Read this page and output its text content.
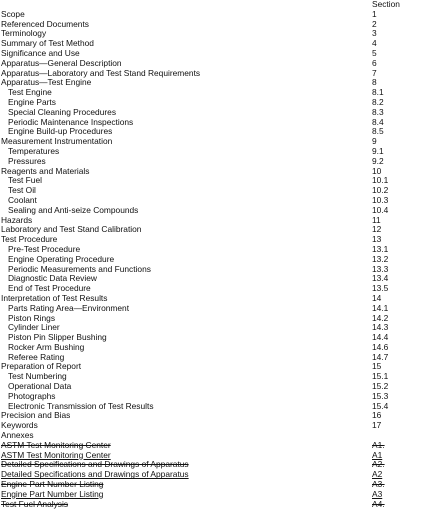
Section
Scope	1
Referenced Documents	2
Terminology	3
Summary of Test Method	4
Significance and Use	5
Apparatus—General Description	6
Apparatus—Laboratory and Test Stand Requirements	7
Apparatus—Test Engine	8
Test Engine	8.1
Engine Parts	8.2
Special Cleaning Procedures	8.3
Periodic Maintenance Inspections	8.4
Engine Build-up Procedures	8.5
Measurement Instrumentation	9
Temperatures	9.1
Pressures	9.2
Reagents and Materials	10
Test Fuel	10.1
Test Oil	10.2
Coolant	10.3
Sealing and Anti-seize Compounds	10.4
Hazards	11
Laboratory and Test Stand Calibration	12
Test Procedure	13
Pre-Test Procedure	13.1
Engine Operating Procedure	13.2
Periodic Measurements and Functions	13.3
Diagnostic Data Review	13.4
End of Test Procedure	13.5
Interpretation of Test Results	14
Parts Rating Area—Environment	14.1
Piston Rings	14.2
Cylinder Liner	14.3
Piston Pin Slipper Bushing	14.4
Rocker Arm Bushing	14.6
Referee Rating	14.7
Preparation of Report	15
Test Numbering	15.1
Operational Data	15.2
Photographs	15.3
Electronic Transmission of Test Results	15.4
Precision and Bias	16
Keywords	17
Annexes
ASTM Test Monitoring Center	A1.
ASTM Test Monitoring Center	A1
Detailed Specifications and Drawings of Apparatus	A2.
Detailed Specifications and Drawings of Apparatus	A2
Engine Part Number Listing	A3.
Engine Part Number Listing	A3
Test Fuel Analysis	A4.
